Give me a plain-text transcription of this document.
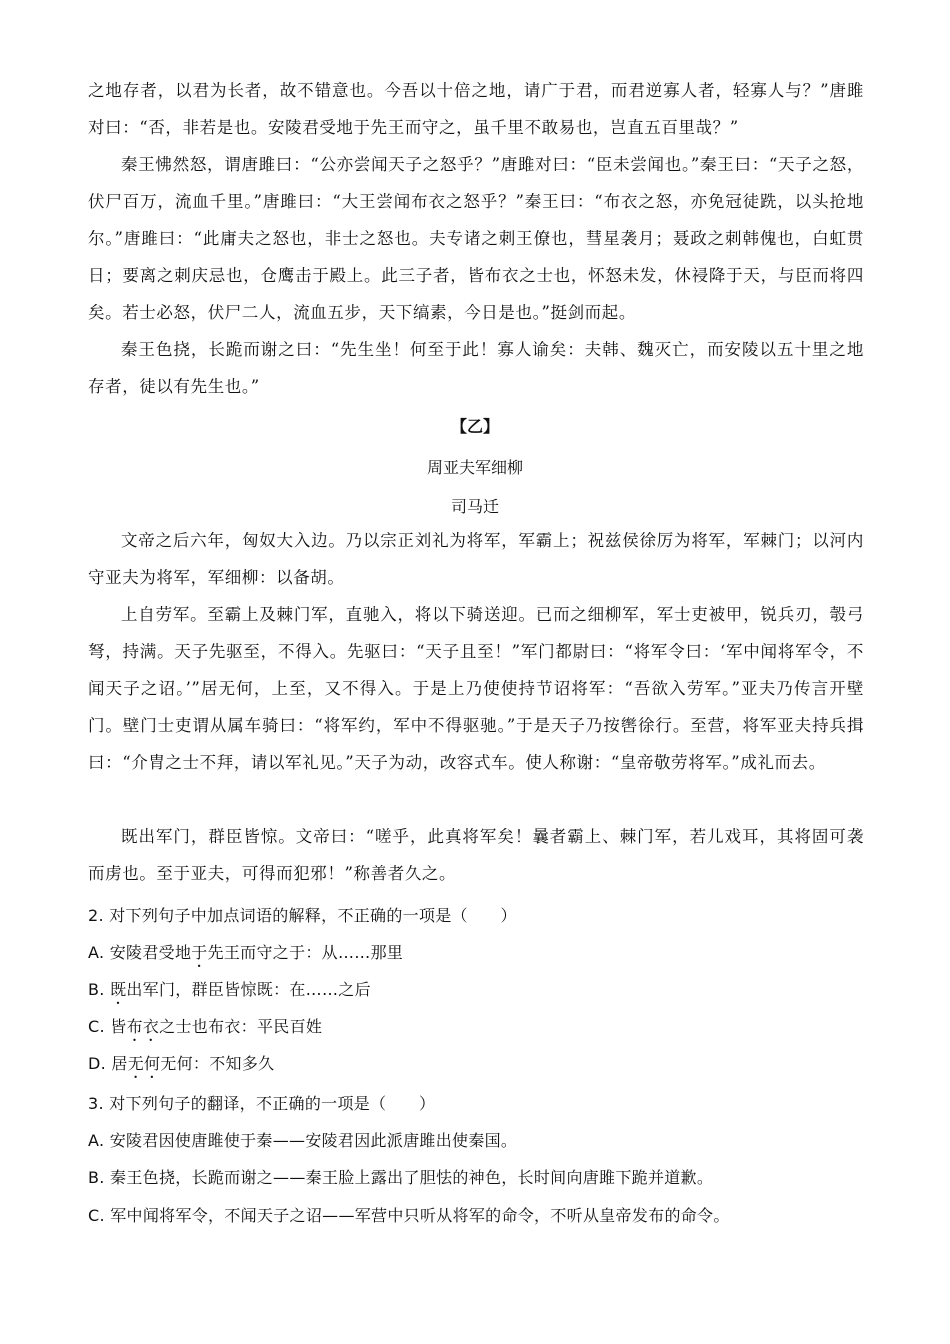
之地存者，以君为长者，故不错意也。今吾以十倍之地，请广于君，而君逆寡人者，轻寡人与？”唐雎对曰：“否，非若是也。安陵君受地于先王而守之，虽千里不敢易也，岂直五百里哉？”
秦王怫然怒，谓唐雎曰：“公亦尝闻天子之怒乎？”唐雎对曰：“臣未尝闻也。”秦王曰：“天子之怒，伏尸百万，流血千里。”唐雎曰：“大王尝闻布衣之怒乎？”秦王曰：“布衣之怒，亦免冠徒跣，以头抢地尔。”唐雎曰：“此庸夫之怒也，非士之怒也。夫专诸之刺王僚也，彗星袭月；聂政之刺韩傀也，白虹贯日；要离之刺庆忌也，仓鹰击于殿上。此三子者，皆布衣之士也，怀怒未发，休祲降于天，与臣而将四矣。若士必怒，伏尸二人，流血五步，天下缟素，今日是也。”挺剑而起。
秦王色挠，长跪而谢之曰：“先生坐！何至于此！寡人谕矣：夫韩、魏灭亡，而安陵以五十里之地存者，徒以有先生也。”
【乙】
周亚夫军细柳
司马迁
文帝之后六年，匈奴大入边。乃以宗正刘礼为将军，军霸上；祝兹侯徐厉为将军，军棘门；以河内守亚夫为将军，军细柳：以备胡。
上自劳军。至霸上及棘门军，直驰入，将以下骑送迎。已而之细柳军，军士吏被甲，锐兵刃，彀弓弩，持满。天子先驱至，不得入。先驱曰：“天子且至！”军门都尉曰：“将军令曰：‘军中闻将军令，不闻天子之诏。’”居无何，上至，又不得入。于是上乃使使持节诏将军：“吾欲入劳军。”亚夫乃传言开壁门。壁门士吏谓从属车骑曰：“将军约，军中不得驱驰。”于是天子乃按辔徐行。至营，将军亚夫持兵揖曰：“介胄之士不拜，请以军礼见。”天子为动，改容式车。使人称谢：“皇帝敬劳将军。”成礼而去。
既出军门，群臣皆惊。文帝曰：“嗟乎，此真将军矣！曩者霸上、棘门军，若儿戏耳，其将固可袭而虏也。至于亚夫，可得而犯邪！”称善者久之。
2. 对下列句子中加点词语的解释，不正确的一项是（　　）
A. 安陵君受地于先王而守之于：从……那里
B. 既出军门，群臣皆惊既：在……之后
C. 皆布衣之士也布衣：平民百姓
D. 居无何无何：不知多久
3. 对下列句子的翻译，不正确的一项是（　　）
A. 安陵君因使唐雎使于秦——安陵君因此派唐雎出使秦国。
B. 秦王色挠，长跪而谢之——秦王脸上露出了胆怯的神色，长时间向唐雎下跪并道歉。
C. 军中闻将军令，不闻天子之诏——军营中只听从将军的命令，不听从皇帝发布的命令。
